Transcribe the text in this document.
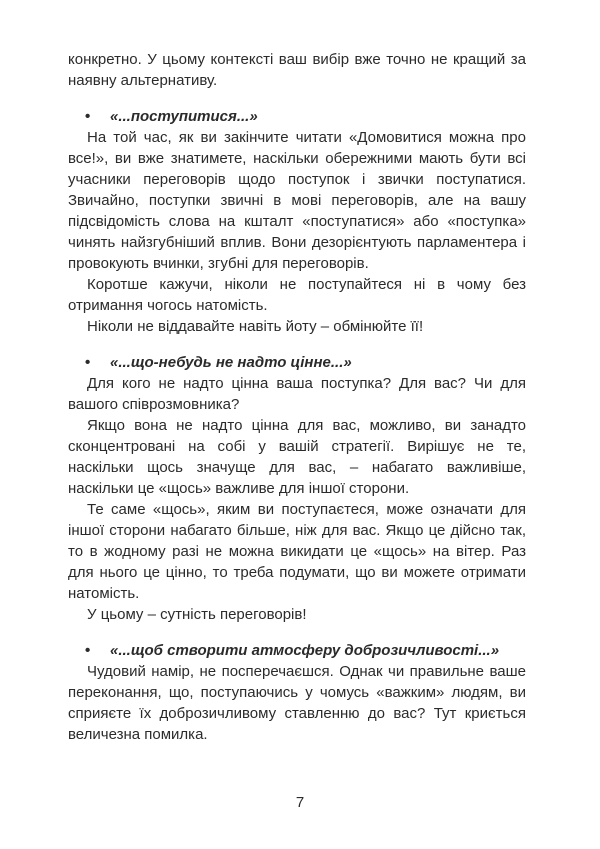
конкретно. У цьому контексті ваш вибір вже точно не кращий за наявну альтернативу.

• «...поступитися...»

На той час, як ви закінчите читати «Домовитися можна про все!», ви вже знатимете, наскільки обережними мають бути всі учасники переговорів щодо поступок і звички поступатися. Звичайно, поступки звичні в мові переговорів, але на вашу підсвідомість слова на кшталт «поступатися» або «поступка» чинять найзгубніший вплив. Вони дезорієнтують парламентера і провокують вчинки, згубні для переговорів.

Коротше кажучи, ніколи не поступайтеся ні в чому без отримання чогось натомість.

Ніколи не віддавайте навіть йоту – обмінюйте її!

• «...що-небудь не надто цінне...»

Для кого не надто цінна ваша поступка? Для вас? Чи для вашого співрозмовника?

Якщо вона не надто цінна для вас, можливо, ви занадто сконцентровані на собі у вашій стратегії. Вирішує не те, наскільки щось значуще для вас, – набагато важливіше, наскільки це «щось» важливе для іншої сторони.

Те саме «щось», яким ви поступаєтеся, може означати для іншої сторони набагато більше, ніж для вас. Якщо це дійсно так, то в жодному разі не можна викидати це «щось» на вітер. Раз для нього це цінно, то треба подумати, що ви можете отримати натомість.

У цьому – сутність переговорів!

• «...щоб створити атмосферу доброзичливості...»

Чудовий намір, не посперечаєшся. Однак чи правильне ваше переконання, що, поступаючись у чомусь «важким» людям, ви сприяєте їх доброзичливому ставленню до вас? Тут криється величезна помилка.

7
